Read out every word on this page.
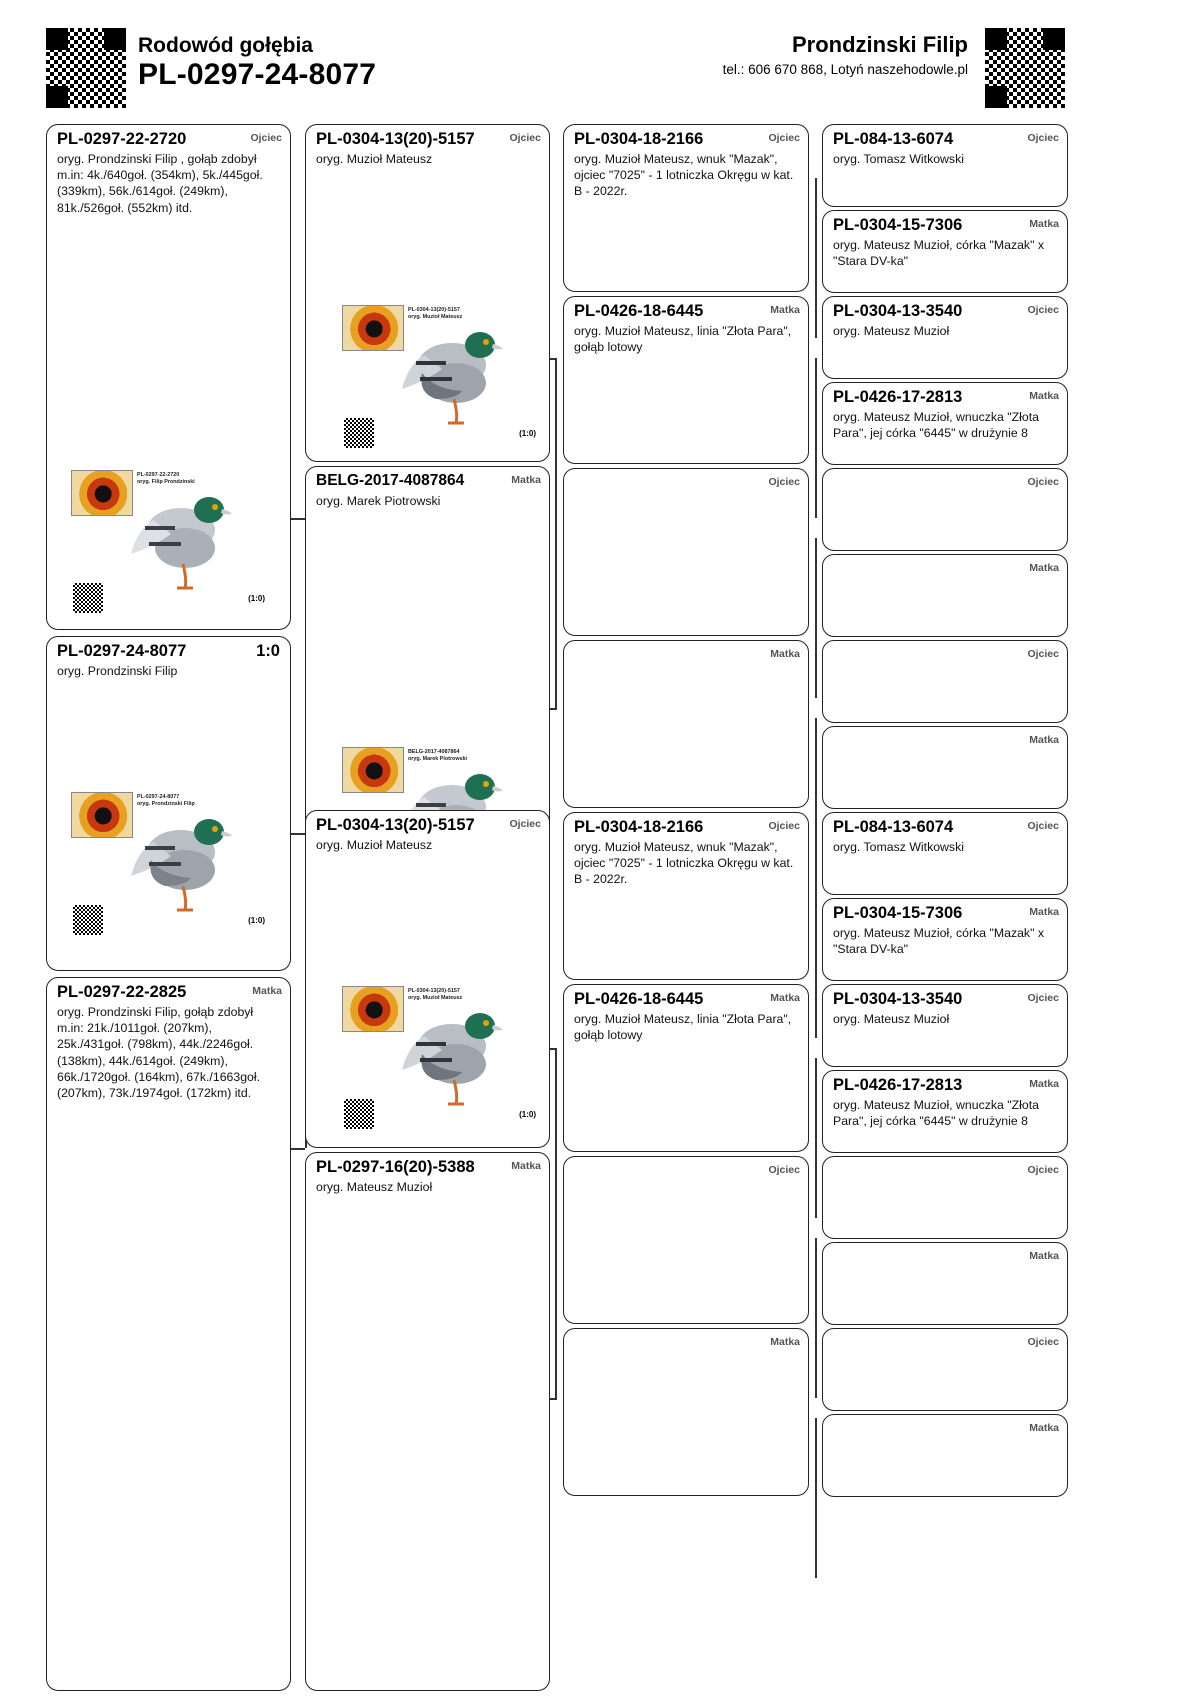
Rodowód gołębia
PL-0297-24-8077
Prondzinski Filip
tel.: 606 670 868, Lotyń naszehodowle.pl
PL-0297-24-8077	1:0
oryg. Prondzinski Filip
PL-0297-24-8077
oryg. Prondzinski Filip
(1:0)
PL-0297-22-2720	Ojciec
oryg. Prondzinski Filip , gołąb zdobył m.in: 4k./640goł. (354km), 5k./445goł. (339km), 56k./614goł. (249km), 81k./526goł. (552km) itd.
PL-0297-22-2720
oryg. Filip Prondzinski
(1:0)
PL-0297-22-2825	Matka
oryg. Prondzinski Filip, gołąb zdobył m.in: 21k./1011goł. (207km), 25k./431goł. (798km), 44k./2246goł. (138km), 44k./614goł. (249km), 66k./1720goł. (164km), 67k./1663goł. (207km), 73k./1974goł. (172km) itd.
PL-0304-13(20)-5157	Ojciec
oryg. Muzioł Mateusz
PL-0304-13(20)-5157
oryg. Muzioł Mateusz
(1:0)
BELG-2017-4087864	Matka
oryg. Marek Piotrowski
BELG-2017-4087864
oryg. Marek Piotrowski
PL-0304-13(20)-5157	Ojciec
oryg. Muzioł Mateusz
PL-0304-13(20)-5157
oryg. Muzioł Mateusz
(1:0)
PL-0297-16(20)-5388	Matka
oryg. Mateusz Muzioł
PL-0304-18-2166	Ojciec
oryg. Muzioł Mateusz, wnuk "Mazak", ojciec "7025" - 1 lotniczka Okręgu w kat. B - 2022r.
PL-0426-18-6445	Matka
oryg. Muzioł Mateusz, linia "Złota Para", gołąb lotowy
Ojciec
Matka
PL-0304-18-2166	Ojciec
oryg. Muzioł Mateusz, wnuk "Mazak", ojciec "7025" - 1 lotniczka Okręgu w kat. B - 2022r.
PL-0426-18-6445	Matka
oryg. Muzioł Mateusz, linia "Złota Para", gołąb lotowy
Ojciec
Matka
PL-084-13-6074	Ojciec
oryg. Tomasz Witkowski
PL-0304-15-7306	Matka
oryg. Mateusz Muzioł, córka "Mazak" x "Stara DV-ka"
PL-0304-13-3540	Ojciec
oryg. Mateusz Muzioł
PL-0426-17-2813	Matka
oryg. Mateusz Muzioł, wnuczka "Złota Para", jej córka "6445" w drużynie 8
Ojciec
Matka
Ojciec
Matka
PL-084-13-6074	Ojciec
oryg. Tomasz Witkowski
PL-0304-15-7306	Matka
oryg. Mateusz Muzioł, córka "Mazak" x "Stara DV-ka"
PL-0304-13-3540	Ojciec
oryg. Mateusz Muzioł
PL-0426-17-2813	Matka
oryg. Mateusz Muzioł, wnuczka "Złota Para", jej córka "6445" w drużynie 8
Ojciec
Matka
Ojciec
Matka
